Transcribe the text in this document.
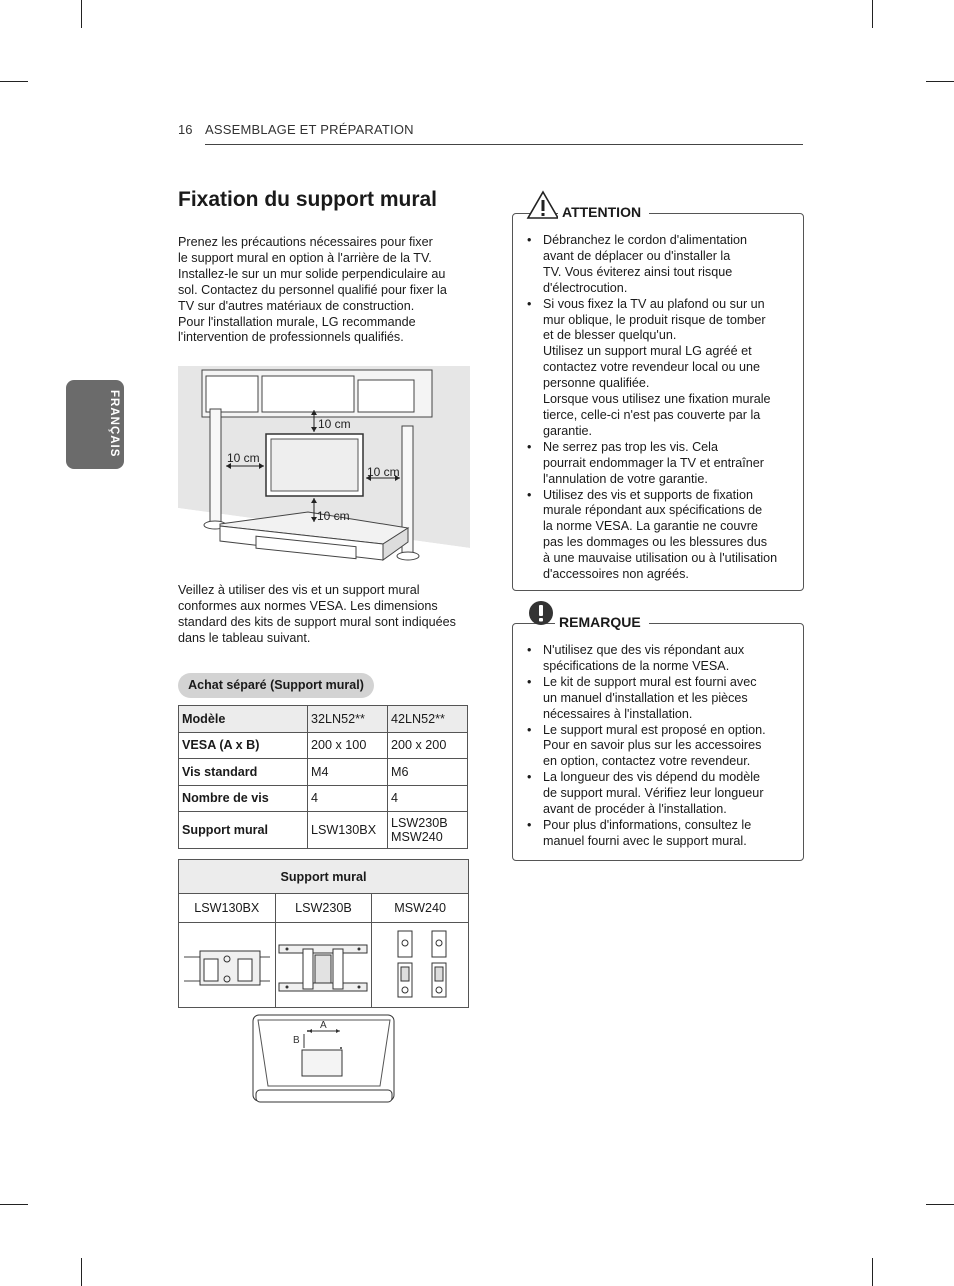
16 ASSEMBLAGE ET PRÉPARATION
FRANÇAIS
Fixation du support mural

Prenez les précautions nécessaires pour fixer
le support mural en option à l'arrière de la TV.
Installez-le sur un mur solide perpendiculaire au
sol. Contactez du personnel qualifié pour fixer la
TV sur d'autres matériaux de construction.
Pour l'installation murale, LG recommande
l'intervention de professionnels qualifiés.

10 cm
10 cm
10 cm
10 cm

Veillez à utiliser des vis et un support mural
conformes aux normes VESA. Les dimensions
standard des kits de support mural sont indiquées
dans le tableau suivant.

Achat séparé (Support mural)
Modèle	32LN52**	42LN52**
VESA (A x B)	200 x 100	200 x 200
Vis standard	M4	M6
Nombre de vis	4	4
Support mural	LSW130BX	LSW230B
MSW240
Support mural		
LSW130BX	LSW230B	MSW240

A
B
ATTENTION
• Débranchez le cordon d'alimentation
avant de déplacer ou d'installer la
TV. Vous éviterez ainsi tout risque
d'électrocution.
• Si vous fixez la TV au plafond ou sur un
mur oblique, le produit risque de tomber
et de blesser quelqu'un.
Utilisez un support mural LG agréé et
contactez votre revendeur local ou une
personne qualifiée.
Lorsque vous utilisez une fixation murale
tierce, celle-ci n'est pas couverte par la
garantie.
• Ne serrez pas trop les vis. Cela
pourrait endommager la TV et entraîner
l'annulation de votre garantie.
• Utilisez des vis et supports de fixation
murale répondant aux spécifications de
la norme VESA. La garantie ne couvre
pas les dommages ou les blessures dus
à une mauvaise utilisation ou à l'utilisation
d'accessoires non agréés.
REMARQUE
• N'utilisez que des vis répondant aux
spécifications de la norme VESA.
• Le kit de support mural est fourni avec
un manuel d'installation et les pièces
nécessaires à l'installation.
• Le support mural est proposé en option.
Pour en savoir plus sur les accessoires
en option, contactez votre revendeur.
• La longueur des vis dépend du modèle
de support mural. Vérifiez leur longueur
avant de procéder à l'installation.
• Pour plus d'informations, consultez le
manuel fourni avec le support mural.
